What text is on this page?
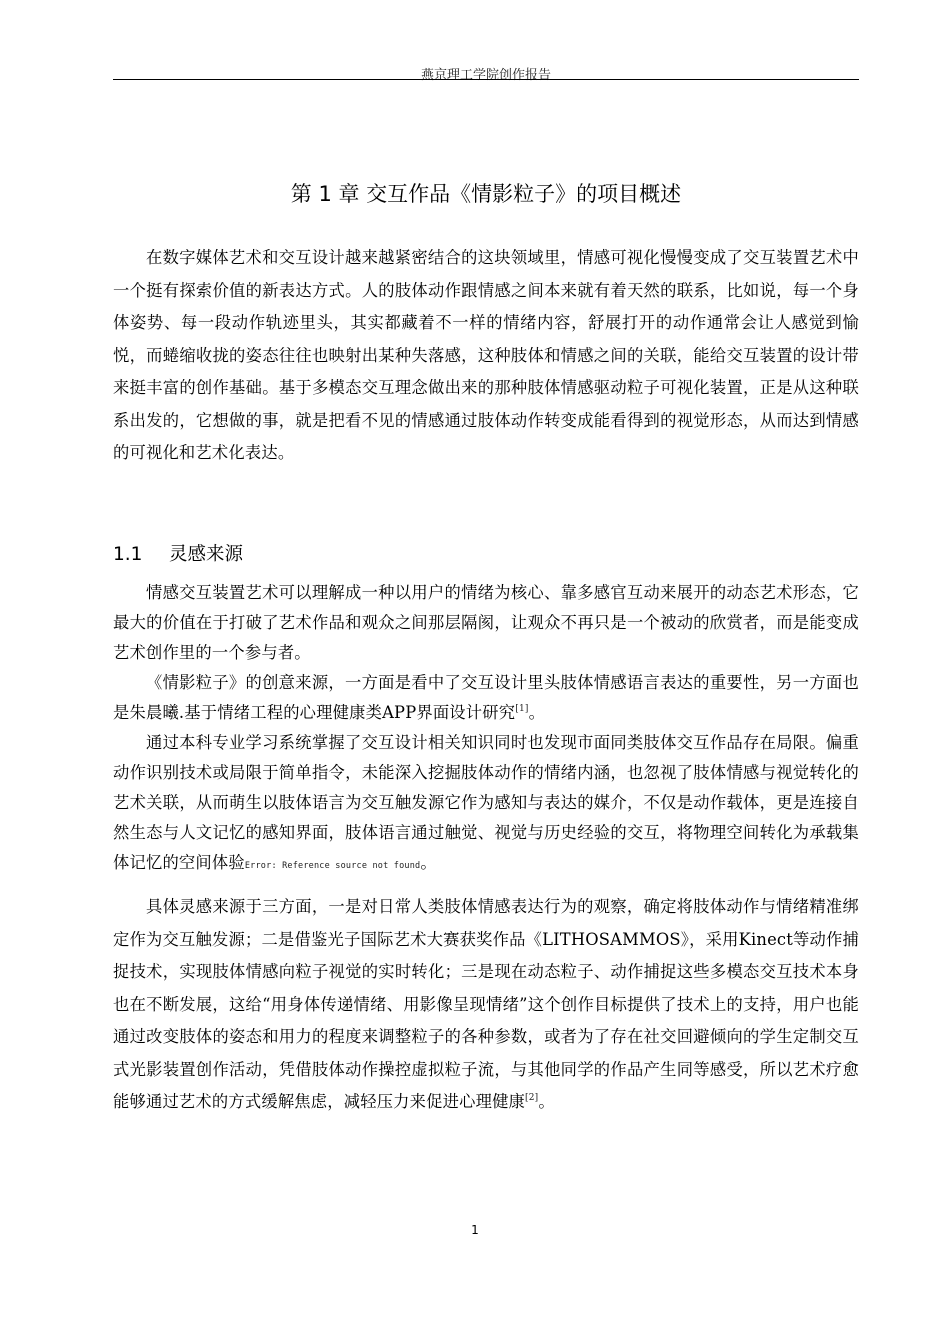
燕京理工学院创作报告
第 1 章 交互作品《情影粒子》的项目概述

在数字媒体艺术和交互设计越来越紧密结合的这块领域里，情感可视化慢慢变成了交互装置艺术中一个挺有探索价值的新表达方式。人的肢体动作跟情感之间本来就有着天然的联系，比如说，每一个身体姿势、每一段动作轨迹里头，其实都藏着不一样的情绪内容，舒展打开的动作通常会让人感觉到愉悦，而蜷缩收拢的姿态往往也映射出某种失落感，这种肢体和情感之间的关联，能给交互装置的设计带来挺丰富的创作基础。基于多模态交互理念做出来的那种肢体情感驱动粒子可视化装置，正是从这种联系出发的，它想做的事，就是把看不见的情感通过肢体动作转变成能看得到的视觉形态，从而达到情感的可视化和艺术化表达。

1.1 灵感来源

情感交互装置艺术可以理解成一种以用户的情绪为核心、靠多感官互动来展开的动态艺术形态，它最大的价值在于打破了艺术作品和观众之间那层隔阂，让观众不再只是一个被动的欣赏者，而是能变成艺术创作里的一个参与者。

《情影粒子》的创意来源，一方面是看中了交互设计里头肢体情感语言表达的重要性，另一方面也是朱晨曦.基于情绪工程的心理健康类APP界面设计研究[1]。

通过本科专业学习系统掌握了交互设计相关知识同时也发现市面同类肢体交互作品存在局限。偏重动作识别技术或局限于简单指令，未能深入挖掘肢体动作的情绪内涵，也忽视了肢体情感与视觉转化的艺术关联，从而萌生以肢体语言为交互触发源它作为感知与表达的媒介，不仅是动作载体，更是连接自然生态与人文记忆的感知界面，肢体语言通过触觉、视觉与历史经验的交互，将物理空间转化为承载集体记忆的空间体验Error: Reference source not found。

具体灵感来源于三方面，一是对日常人类肢体情感表达行为的观察，确定将肢体动作与情绪精准绑定作为交互触发源；二是借鉴光子国际艺术大赛获奖作品《LITHOSAMMOS》，采用Kinect等动作捕捉技术，实现肢体情感向粒子视觉的实时转化；三是现在动态粒子、动作捕捉这些多模态交互技术本身也在不断发展，这给“用身体传递情绪、用影像呈现情绪”这个创作目标提供了技术上的支持，用户也能通过改变肢体的姿态和用力的程度来调整粒子的各种参数，或者为了存在社交回避倾向的学生定制交互式光影装置创作活动，凭借肢体动作操控虚拟粒子流，与其他同学的作品产生同等感受，所以艺术疗愈能够通过艺术的方式缓解焦虑，减轻压力来促进心理健康[2]。

1
